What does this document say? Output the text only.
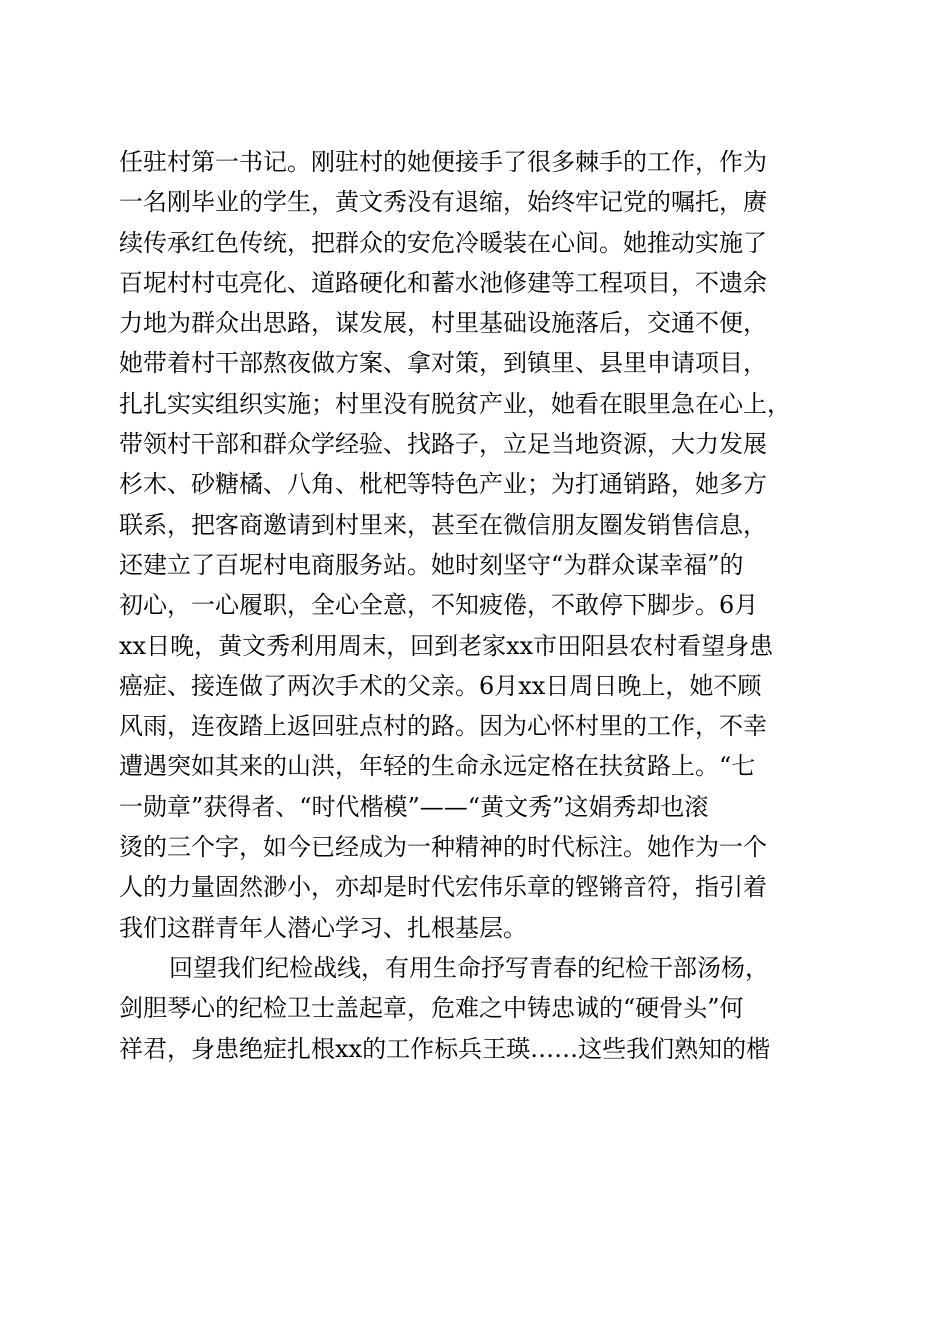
任驻村第一书记。刚驻村的她便接手了很多棘手的工作，作为
一名刚毕业的学生，黄文秀没有退缩，始终牢记党的嘱托，赓
续传承红色传统，把群众的安危冷暖装在心间。她推动实施了
百坭村村屯亮化、道路硬化和蓄水池修建等工程项目，不遗余
力地为群众出思路，谋发展，村里基础设施落后，交通不便，
她带着村干部熬夜做方案、拿对策，到镇里、县里申请项目，
扎扎实实组织实施；村里没有脱贫产业，她看在眼里急在心上，
带领村干部和群众学经验、找路子，立足当地资源，大力发展
杉木、砂糖橘、八角、枇杷等特色产业；为打通销路，她多方
联系，把客商邀请到村里来，甚至在微信朋友圈发销售信息，
还建立了百坭村电商服务站。她时刻坚守“为群众谋幸福”的
初心，一心履职，全心全意，不知疲倦，不敢停下脚步。6月
xx日晚，黄文秀利用周末，回到老家xx市田阳县农村看望身患
癌症、接连做了两次手术的父亲。6月xx日周日晚上，她不顾
风雨，连夜踏上返回驻点村的路。因为心怀村里的工作，不幸
遭遇突如其来的山洪，年轻的生命永远定格在扶贫路上。“七
一勋章”获得者、“时代楷模”——“黄文秀”这娟秀却也滚
烫的三个字，如今已经成为一种精神的时代标注。她作为一个
人的力量固然渺小，亦却是时代宏伟乐章的铿锵音符，指引着
我们这群青年人潜心学习、扎根基层。
回望我们纪检战线，有用生命抒写青春的纪检干部汤杨，
剑胆琴心的纪检卫士盖起章，危难之中铸忠诚的“硬骨头”何
祥君，身患绝症扎根xx的工作标兵王瑛……这些我们熟知的楷
